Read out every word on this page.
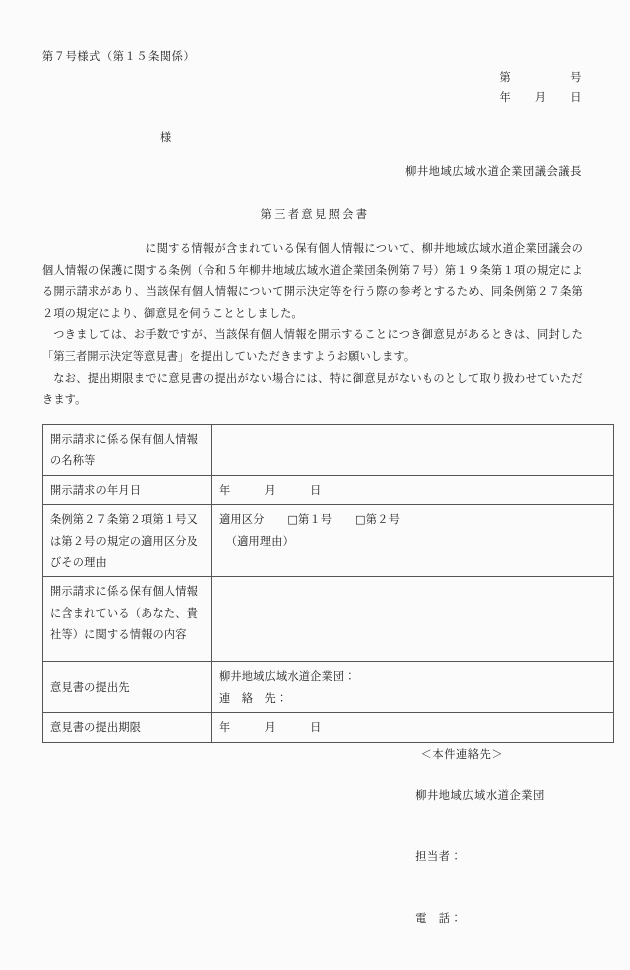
第７号様式（第１５条関係）
第　　　　　号
年　　月　　日
様
柳井地域広域水道企業団議会議長
第三者意見照会書

に関する情報が含まれている保有個人情報について、柳井地域広域水道企業団議会の個人情報の保護に関する条例（令和５年柳井地域広域水道企業団条例第７号）第１９条第１項の規定による開示請求があり、当該保有個人情報について開示決定等を行う際の参考とするため、同条例第２７条第２項の規定により、御意見を伺うこととしました。

つきましては、お手数ですが、当該保有個人情報を開示することにつき御意見があるときは、同封した「第三者開示決定等意見書」を提出していただきますようお願いします。

なお、提出期限までに意見書の提出がない場合には、特に御意見がないものとして取り扱わせていただきます。

開示請求に係る保有個人情報の名称等	
開示請求の年月日	年　　　月　　　日
条例第２７条第２項第１号又は第２号の規定の適用区分及びその理由	適用区分　　□第１号　　□第２号
（適用理由）

開示請求に係る保有個人情報に含まれている（あなた、貴社等）に関する情報の内容	
意見書の提出先	柳井地域広域水道企業団：
連　絡　先：

意見書の提出期限	年　　　月　　　日

＜本件連絡先＞

柳井地域広域水道企業団

担当者：

電　話：
